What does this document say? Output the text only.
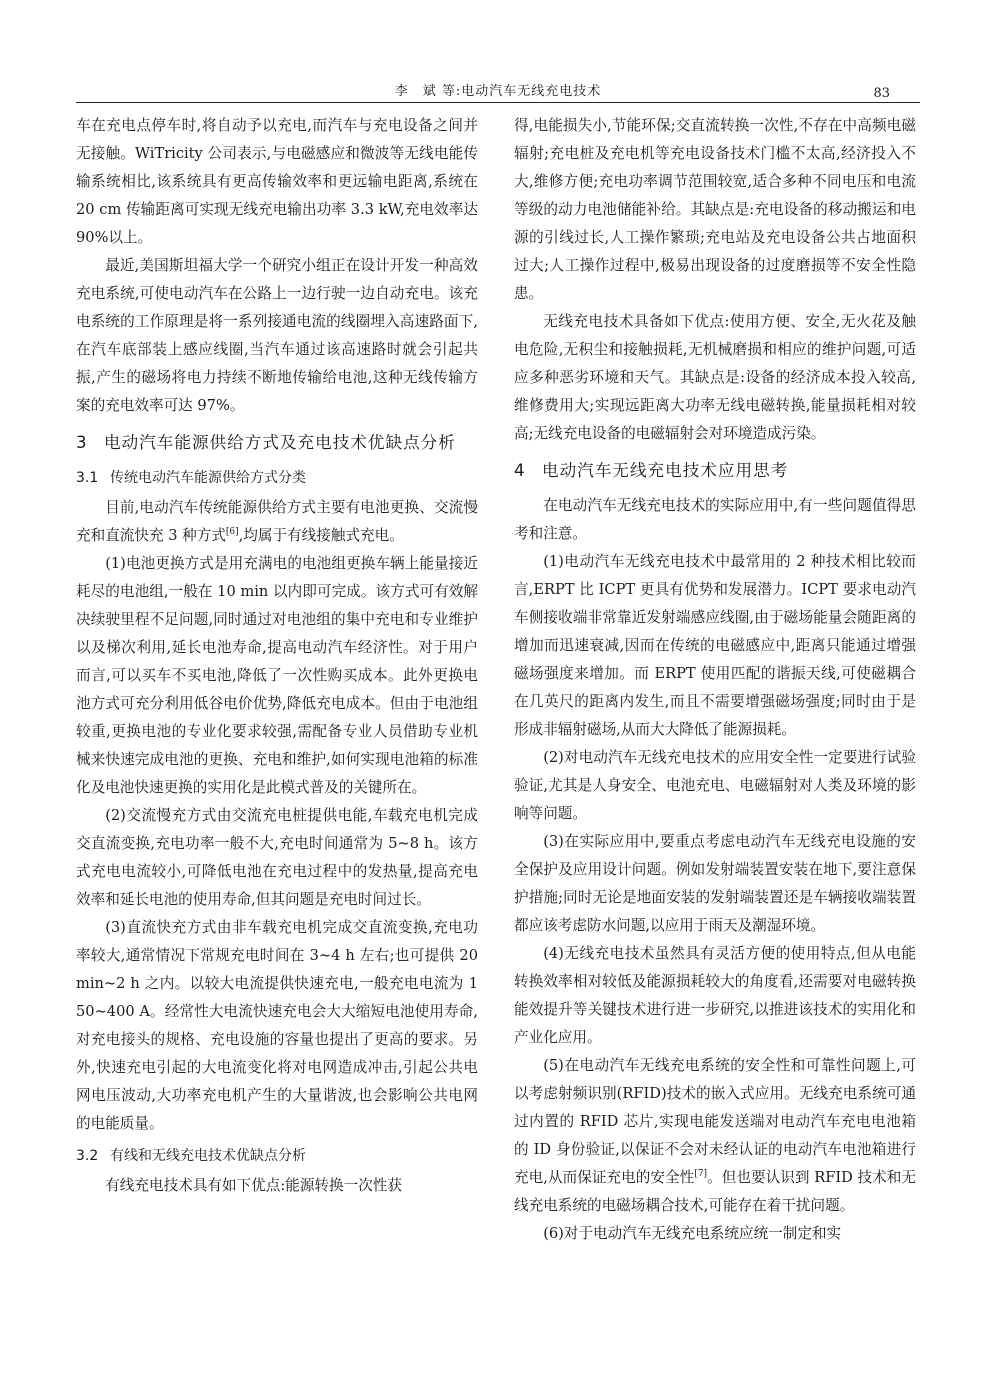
李　斌 等:电动汽车无线充电技术	83

车在充电点停车时,将自动予以充电,而汽车与充电设备之间并无接触。WiTricity 公司表示,与电磁感应和微波等无线电能传输系统相比,该系统具有更高传输效率和更远输电距离,系统在 20 cm 传输距离可实现无线充电输出功率 3.3 kW,充电效率达 90%以上。

最近,美国斯坦福大学一个研究小组正在设计开发一种高效充电系统,可使电动汽车在公路上一边行驶一边自动充电。该充电系统的工作原理是将一系列接通电流的线圈埋入高速路面下,在汽车底部装上感应线圈,当汽车通过该高速路时就会引起共振,产生的磁场将电力持续不断地传输给电池,这种无线传输方案的充电效率可达 97%。

3 电动汽车能源供给方式及充电技术优缺点分析
3.1 传统电动汽车能源供给方式分类

目前,电动汽车传统能源供给方式主要有电池更换、交流慢充和直流快充 3 种方式[6],均属于有线接触式充电。

(1)电池更换方式是用充满电的电池组更换车辆上能量接近耗尽的电池组,一般在 10 min 以内即可完成。该方式可有效解决续驶里程不足问题,同时通过对电池组的集中充电和专业维护以及梯次利用,延长电池寿命,提高电动汽车经济性。对于用户而言,可以买车不买电池,降低了一次性购买成本。此外更换电池方式可充分利用低谷电价优势,降低充电成本。但由于电池组较重,更换电池的专业化要求较强,需配备专业人员借助专业机械来快速完成电池的更换、充电和维护,如何实现电池箱的标准化及电池快速更换的实用化是此模式普及的关键所在。

(2)交流慢充方式由交流充电桩提供电能,车载充电机完成交直流变换,充电功率一般不大,充电时间通常为 5~8 h。该方式充电电流较小,可降低电池在充电过程中的发热量,提高充电效率和延长电池的使用寿命,但其问题是充电时间过长。

(3)直流快充方式由非车载充电机完成交直流变换,充电功率较大,通常情况下常规充电时间在 3~4 h 左右;也可提供 20 min~2 h 之内。以较大电流提供快速充电,一般充电电流为 150~400 A。经常性大电流快速充电会大大缩短电池使用寿命,对充电接头的规格、充电设施的容量也提出了更高的要求。另外,快速充电引起的大电流变化将对电网造成冲击,引起公共电网电压波动,大功率充电机产生的大量谐波,也会影响公共电网的电能质量。

3.2 有线和无线充电技术优缺点分析

有线充电技术具有如下优点:能源转换一次性获

得,电能损失小,节能环保;交直流转换一次性,不存在中高频电磁辐射;充电桩及充电机等充电设备技术门槛不太高,经济投入不大,维修方便;充电功率调节范围较宽,适合多种不同电压和电流等级的动力电池储能补给。其缺点是:充电设备的移动搬运和电源的引线过长,人工操作繁琐;充电站及充电设备公共占地面积过大;人工操作过程中,极易出现设备的过度磨损等不安全性隐患。

无线充电技术具备如下优点:使用方便、安全,无火花及触电危险,无积尘和接触损耗,无机械磨损和相应的维护问题,可适应多种恶劣环境和天气。其缺点是:设备的经济成本投入较高,维修费用大;实现远距离大功率无线电磁转换,能量损耗相对较高;无线充电设备的电磁辐射会对环境造成污染。

4 电动汽车无线充电技术应用思考

在电动汽车无线充电技术的实际应用中,有一些问题值得思考和注意。

(1)电动汽车无线充电技术中最常用的 2 种技术相比较而言,ERPT 比 ICPT 更具有优势和发展潜力。ICPT 要求电动汽车侧接收端非常靠近发射端感应线圈,由于磁场能量会随距离的增加而迅速衰减,因而在传统的电磁感应中,距离只能通过增强磁场强度来增加。而 ERPT 使用匹配的谐振天线,可使磁耦合在几英尺的距离内发生,而且不需要增强磁场强度;同时由于是形成非辐射磁场,从而大大降低了能源损耗。

(2)对电动汽车无线充电技术的应用安全性一定要进行试验验证,尤其是人身安全、电池充电、电磁辐射对人类及环境的影响等问题。

(3)在实际应用中,要重点考虑电动汽车无线充电设施的安全保护及应用设计问题。例如发射端装置安装在地下,要注意保护措施;同时无论是地面安装的发射端装置还是车辆接收端装置都应该考虑防水问题,以应用于雨天及潮湿环境。

(4)无线充电技术虽然具有灵活方便的使用特点,但从电能转换效率相对较低及能源损耗较大的角度看,还需要对电磁转换能效提升等关键技术进行进一步研究,以推进该技术的实用化和产业化应用。

(5)在电动汽车无线充电系统的安全性和可靠性问题上,可以考虑射频识别(RFID)技术的嵌入式应用。无线充电系统可通过内置的 RFID 芯片,实现电能发送端对电动汽车充电电池箱的 ID 身份验证,以保证不会对未经认证的电动汽车电池箱进行充电,从而保证充电的安全性[7]。但也要认识到 RFID 技术和无线充电系统的电磁场耦合技术,可能存在着干扰问题。

(6)对于电动汽车无线充电系统应统一制定和实
